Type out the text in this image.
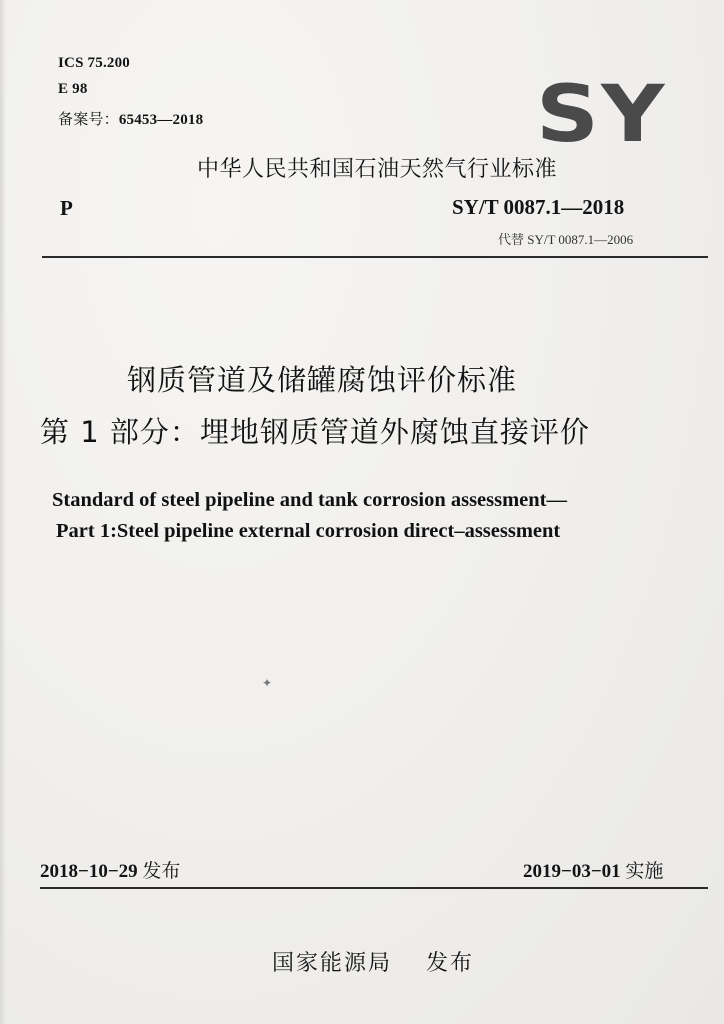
ICS 75.200
E 98
备案号：65453—2018	SY
中华人民共和国石油天然气行业标准
P	SY/T 0087.1—2018
代替 SY/T 0087.1—2006
钢质管道及储罐腐蚀评价标准
第 1 部分：埋地钢质管道外腐蚀直接评价
Standard of steel pipeline and tank corrosion assessment—
Part 1:Steel pipeline external corrosion direct–assessment
✦
2018−10−29 发布	2019−03−01 实施
国家能源局 发布
